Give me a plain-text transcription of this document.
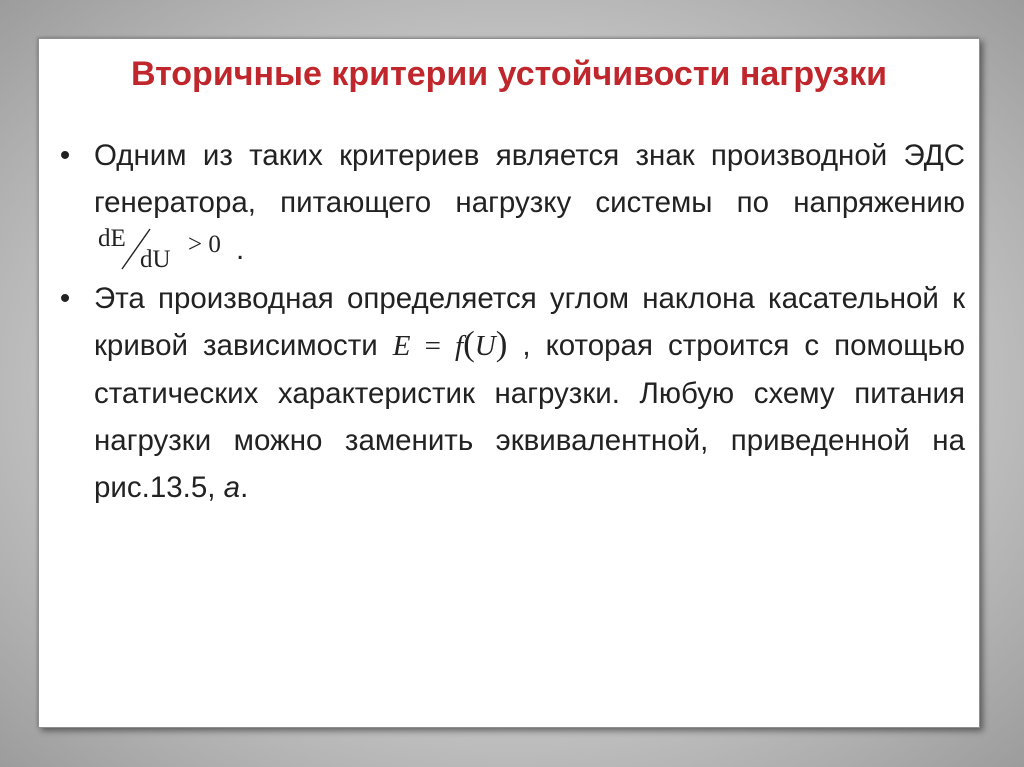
Вторичные критерии устойчивости нагрузки
• Одним из таких критериев является знак производной ЭДС генератора, питающего нагрузку системы по напряжению
dE
dU
> 0 .
• Эта производная определяется углом наклона касательной к кривой зависимости E = f(U) , которая строится с помощью статических характеристик нагрузки. Любую схему питания нагрузки можно заменить эквивалентной, приведенной на рис.13.5, а.
